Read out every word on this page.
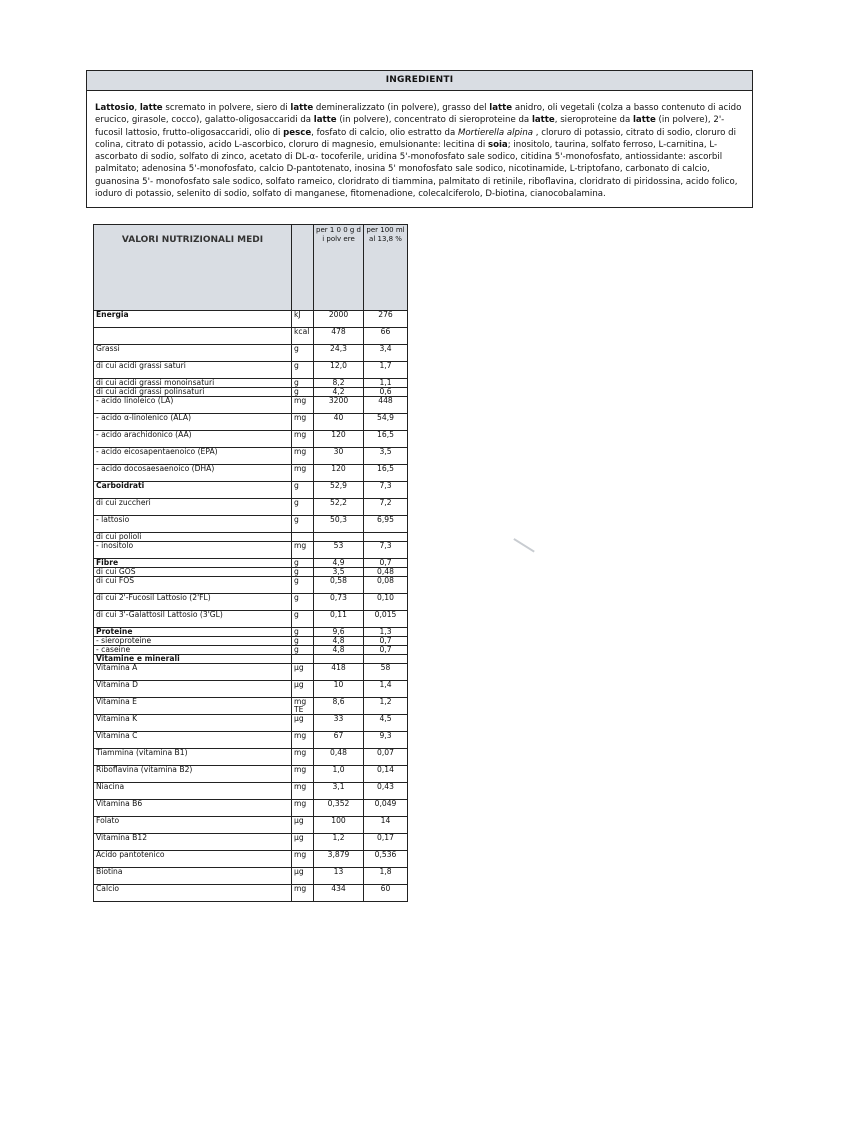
INGREDIENTI
Lattosio, latte scremato in polvere, siero di latte demineralizzato (in polvere), grasso del latte anidro, oli vegetali (colza a basso contenuto di acido erucico, girasole, cocco), galatto-oligosaccaridi da latte (in polvere), concentrato di sieroproteine da latte, sieroproteine da latte (in polvere), 2'-fucosil lattosio, frutto-oligosaccaridi, olio di pesce, fosfato di calcio, olio estratto da Mortierella alpina , cloruro di potassio, citrato di sodio, cloruro di colina, citrato di potassio, acido L-ascorbico, cloruro di magnesio, emulsionante: lecitina di soia; inositolo, taurina, solfato ferroso, L-carnitina, L-ascorbato di sodio, solfato di zinco, acetato di DL-α- tocoferile, uridina 5'-monofosfato sale sodico, citidina 5'-monofosfato, antiossidante: ascorbil palmitato; adenosina 5'-monofosfato, calcio D-pantotenato, inosina 5' monofosfato sale sodico, nicotinamide, L-triptofano, carbonato di calcio, guanosina 5'- monofosfato sale sodico, solfato rameico, cloridrato di tiammina, palmitato di retinile, riboflavina, cloridrato di piridossina, acido folico, ioduro di potassio, selenito di sodio, solfato di manganese, fitomenadione, colecalciferolo, D-biotina, cianocobalamina.
VALORI NUTRIZIONALI MEDI		per 1 0 0 g d i polv ere	per 100 ml al 13,8 %
Energia	kJ	2000	276
	kcal	478	66
Grassi	g	24,3	3,4
di cui acidi grassi saturi	g	12,0	1,7
di cui acidi grassi monoinsaturi	g	8,2	1,1
di cui acidi grassi polinsaturi	g	4,2	0,6
- acido linoleico (LA)	mg	3200	448
- acido α-linolenico (ALA)	mg	40	54,9
- acido arachidonico (AA)	mg	120	16,5
- acido eicosapentaenoico (EPA)	mg	30	3,5
- acido docosaesaenoico (DHA)	mg	120	16,5
Carboidrati	g	52,9	7,3
di cui zuccheri	g	52,2	7,2
- lattosio	g	50,3	6,95
di cui polioli			
- inositolo	mg	53	7,3
Fibre	g	4,9	0,7
di cui GOS	g	3,5	0,48
di cui FOS	g	0,58	0,08
di cui 2'-Fucosil Lattosio (2'FL)	g	0,73	0,10
di cui 3'-Galattosil Lattosio (3'GL)	g	0,11	0,015
Proteine	g	9,6	1,3
- sieroproteine	g	4,8	0,7
- caseine	g	4,8	0,7
Vitamine e minerali			
Vitamina A	μg	418	58
Vitamina D	μg	10	1,4
Vitamina E	mg TE	8,6	1,2
Vitamina K	μg	33	4,5
Vitamina C	mg	67	9,3
Tiammina (vitamina B1)	mg	0,48	0,07
Riboflavina (vitamina B2)	mg	1,0	0,14
Niacina	mg	3,1	0,43
Vitamina B6	mg	0,352	0,049
Folato	μg	100	14
Vitamina B12	μg	1,2	0,17
Acido pantotenico	mg	3,879	0,536
Biotina	μg	13	1,8
Calcio	mg	434	60
